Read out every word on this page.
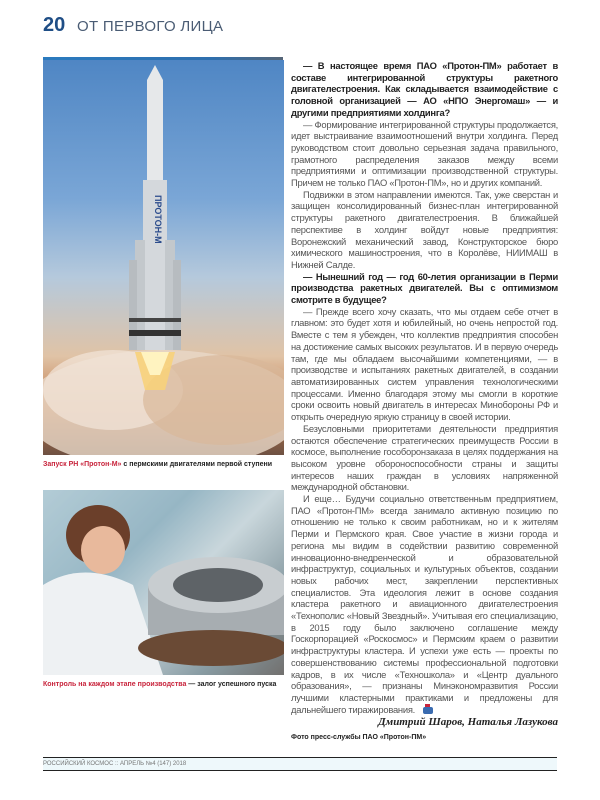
20 ОТ ПЕРВОГО ЛИЦА
ПРОТОН-М
Запуск РН «Протон-М» с пермскими двигателями первой ступени
Контроль на каждом этапе производства — залог успешного пуска

— В настоящее время ПАО «Протон-ПМ» работает в составе интегрированной структуры ракетного двигателестроения. Как складывается взаимодействие с головной организацией — АО «НПО Энергомаш» — и другими предприятиями холдинга?

— Формирование интегрированной структуры продолжается, идет выстраивание взаимоотношений внутри холдинга. Перед руководством стоит довольно серьезная задача правильного, грамотного распределения заказов между всеми предприятиями и оптимизации производственной структуры. Причем не только ПАО «Протон-ПМ», но и других компаний.

Подвижки в этом направлении имеются. Так, уже сверстан и защищен консолидированный бизнес-план интегрированной структуры ракетного двигателестроения. В ближайшей перспективе в холдинг войдут новые предприятия: Воронежский механический завод, Конструкторское бюро химического машиностроения, что в Королёве, НИИМАШ в Нижней Салде.

— Нынешний год — год 60-летия организации в Перми производства ракетных двигателей. Вы с оптимизмом смотрите в будущее?

— Прежде всего хочу сказать, что мы отдаем себе отчет в главном: это будет хотя и юбилейный, но очень непростой год. Вместе с тем я убежден, что коллектив предприятия способен на достижение самых высоких результатов. И в первую очередь там, где мы обладаем высочайшими компетенциями, — в производстве и испытаниях ракетных двигателей, в создании автоматизированных систем управления технологическими процессами. Именно благодаря этому мы смогли в короткие сроки освоить новый двигатель в интересах Минобороны РФ и открыть очередную яркую страницу в своей истории.

Безусловными приоритетами деятельности предприятия остаются обеспечение стратегических преимуществ России в космосе, выполнение гособоронзаказа в целях поддержания на высоком уровне обороноспособности страны и защиты интересов наших граждан в условиях напряженной международной обстановки.

И еще… Будучи социально ответственным предприятием, ПАО «Протон-ПМ» всегда занимало активную позицию по отношению не только к своим работникам, но и к жителям Перми и Пермского края. Свое участие в жизни города и региона мы видим в содействии развитию современной инновационно-внедренческой и образовательной инфраструктур, социальных и культурных объектов, создании новых рабочих мест, закреплении перспективных специалистов. Эта идеология лежит в основе создания кластера ракетного и авиационного двигателестроения «Технополис «Новый Звездный». Учитывая его специализацию, в 2015 году было заключено соглашение между Госкорпорацией «Роскосмос» и Пермским краем о развитии инфраструктуры кластера. И успехи уже есть — проекты по совершенствованию системы профессиональной подготовки кадров, в их числе «Техношкола» и «Центр дуального образования», — признаны Минэкономразвития России лучшими кластерными практиками и предложены для дальнейшего тиражирования.

Дмитрий Шаров, Наталья Лазукова
Фото пресс-службы ПАО «Протон-ПМ»
РОССИЙСКИЙ КОСМОС :: АПРЕЛЬ №4 (147) 2018
